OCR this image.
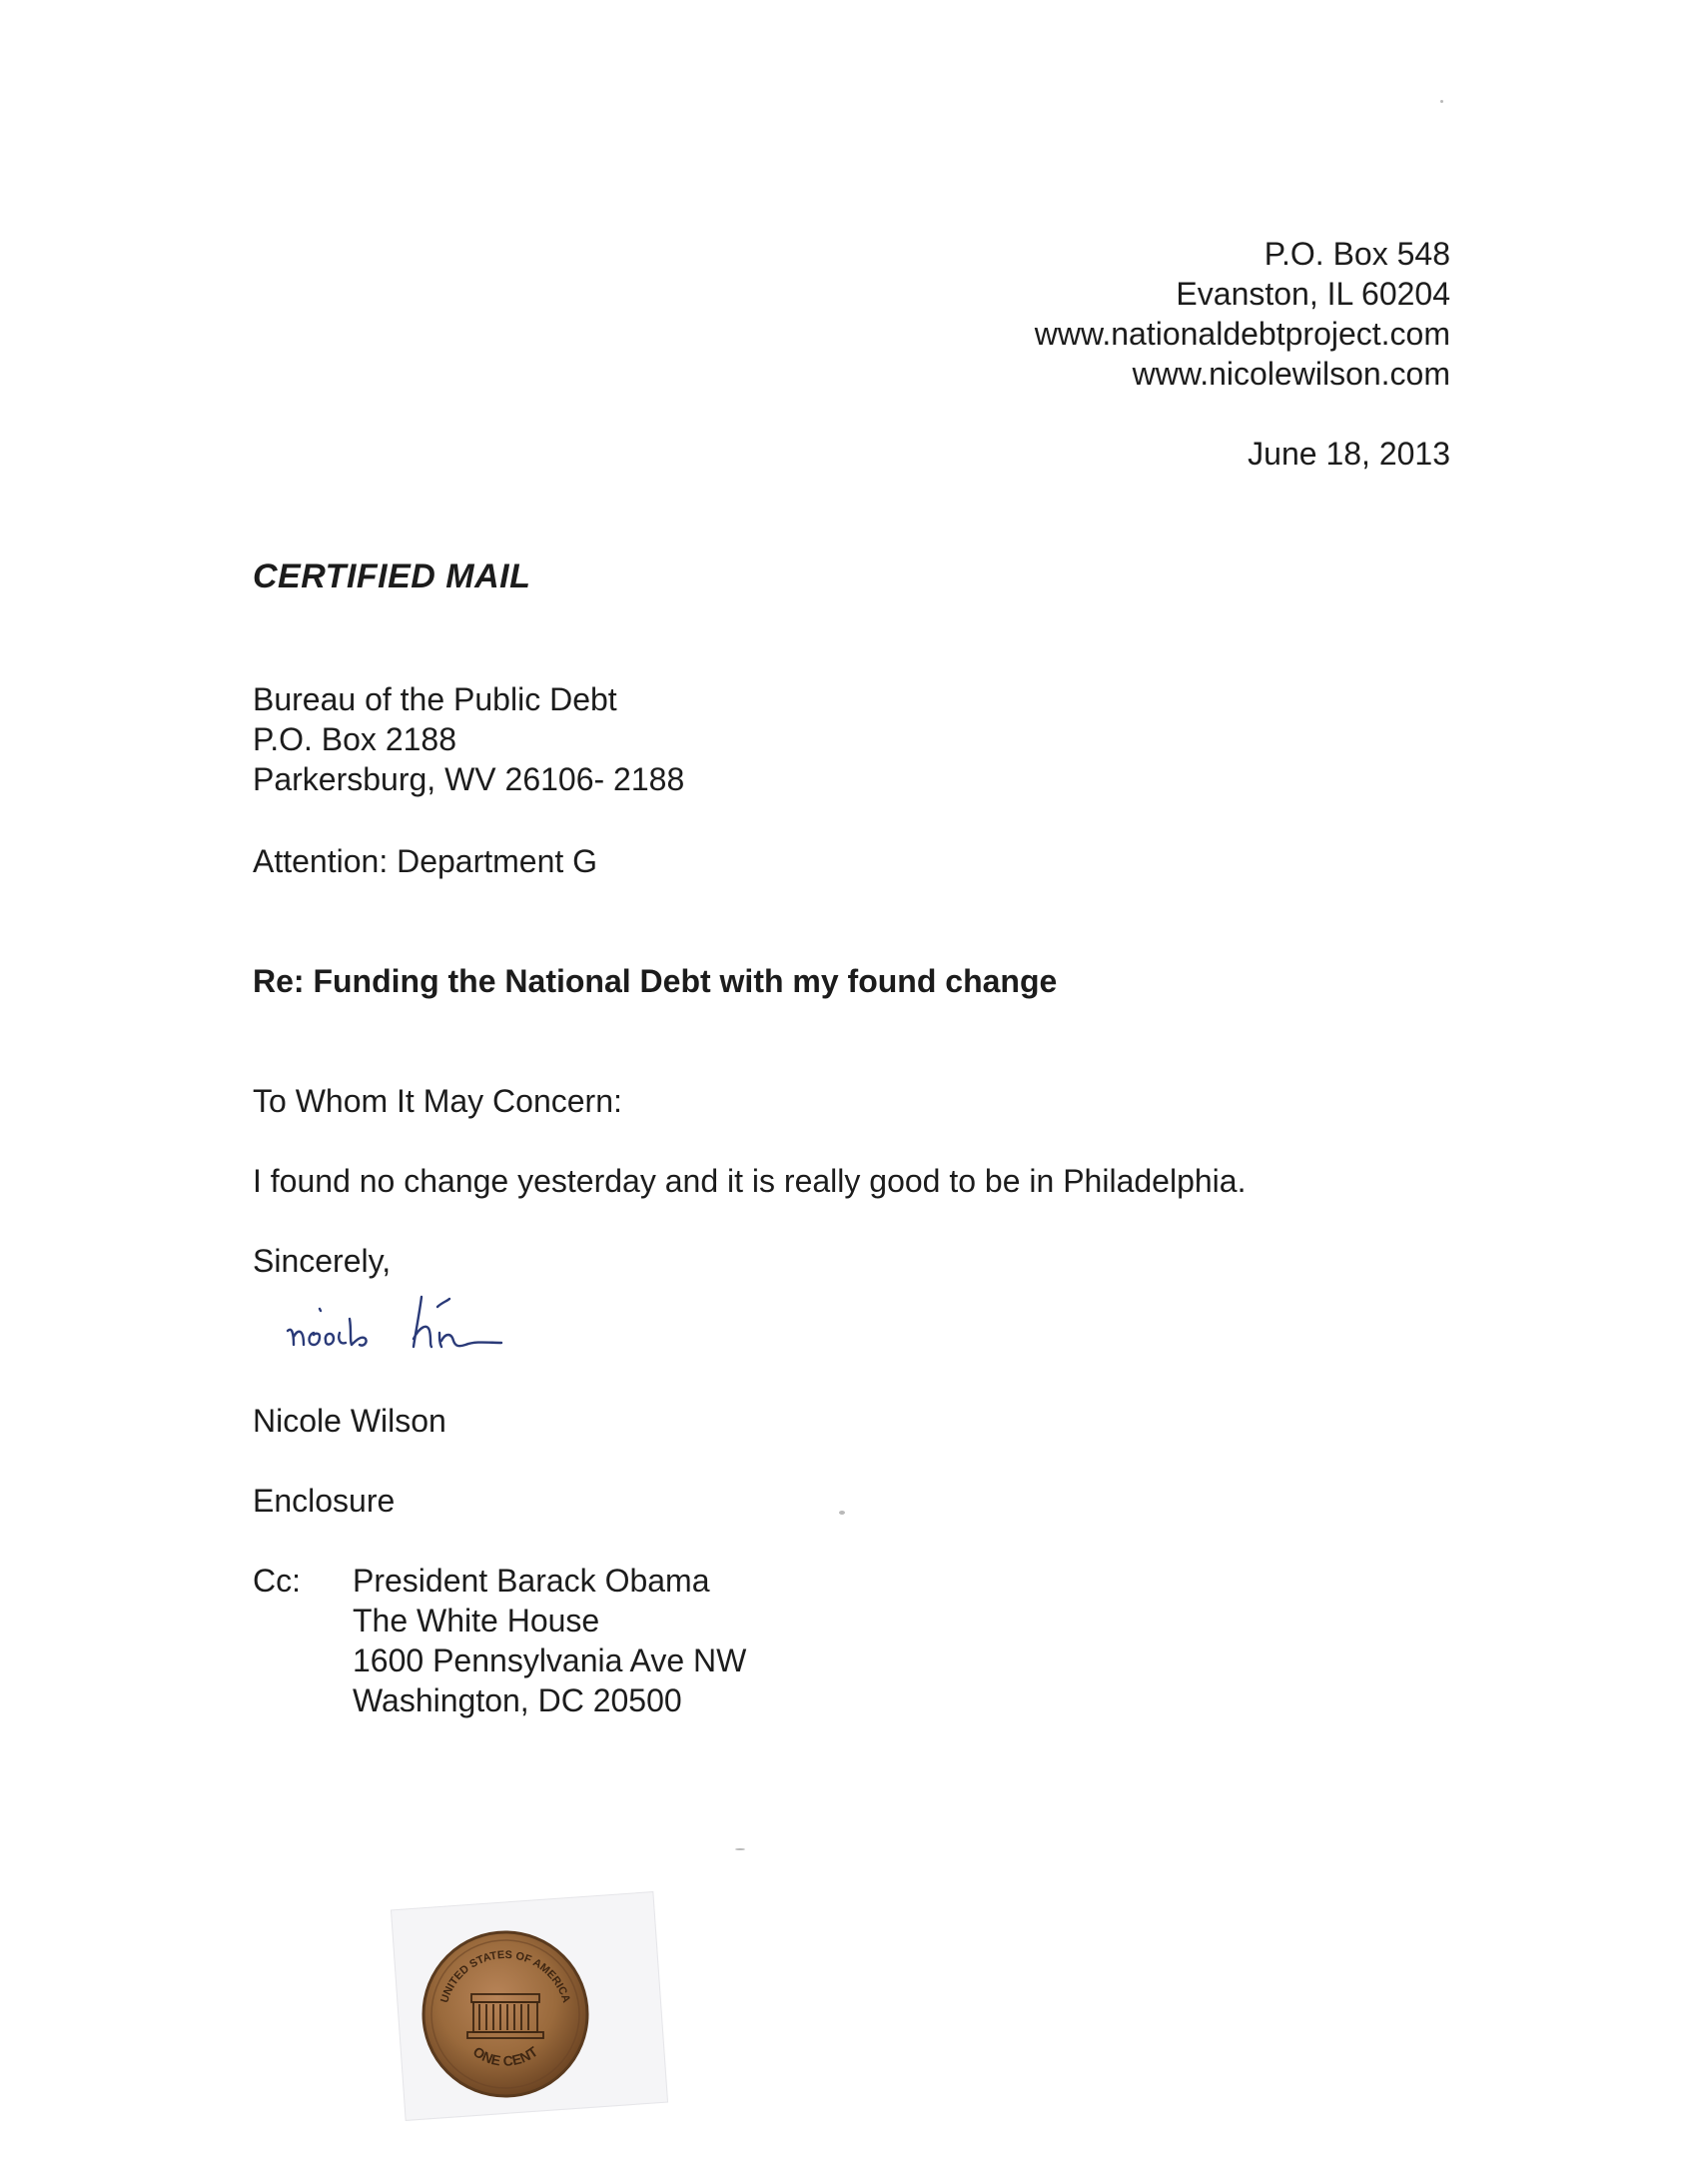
P.O. Box 548
Evanston, IL 60204
www.nationaldebtproject.com
www.nicolewilson.com
June 18, 2013
CERTIFIED MAIL
Bureau of the Public Debt
P.O. Box 2188
Parkersburg, WV 26106- 2188
Attention: Department G
Re: Funding the National Debt with my found change
To Whom It May Concern:
I found no change yesterday and it is really good to be in Philadelphia.
Sincerely,
Nicole Wilson
Enclosure
Cc: President Barack Obama
The White House
1600 Pennsylvania Ave NW
Washington, DC 20500
UNITED STATES OF AMERICA
ONE CENT
